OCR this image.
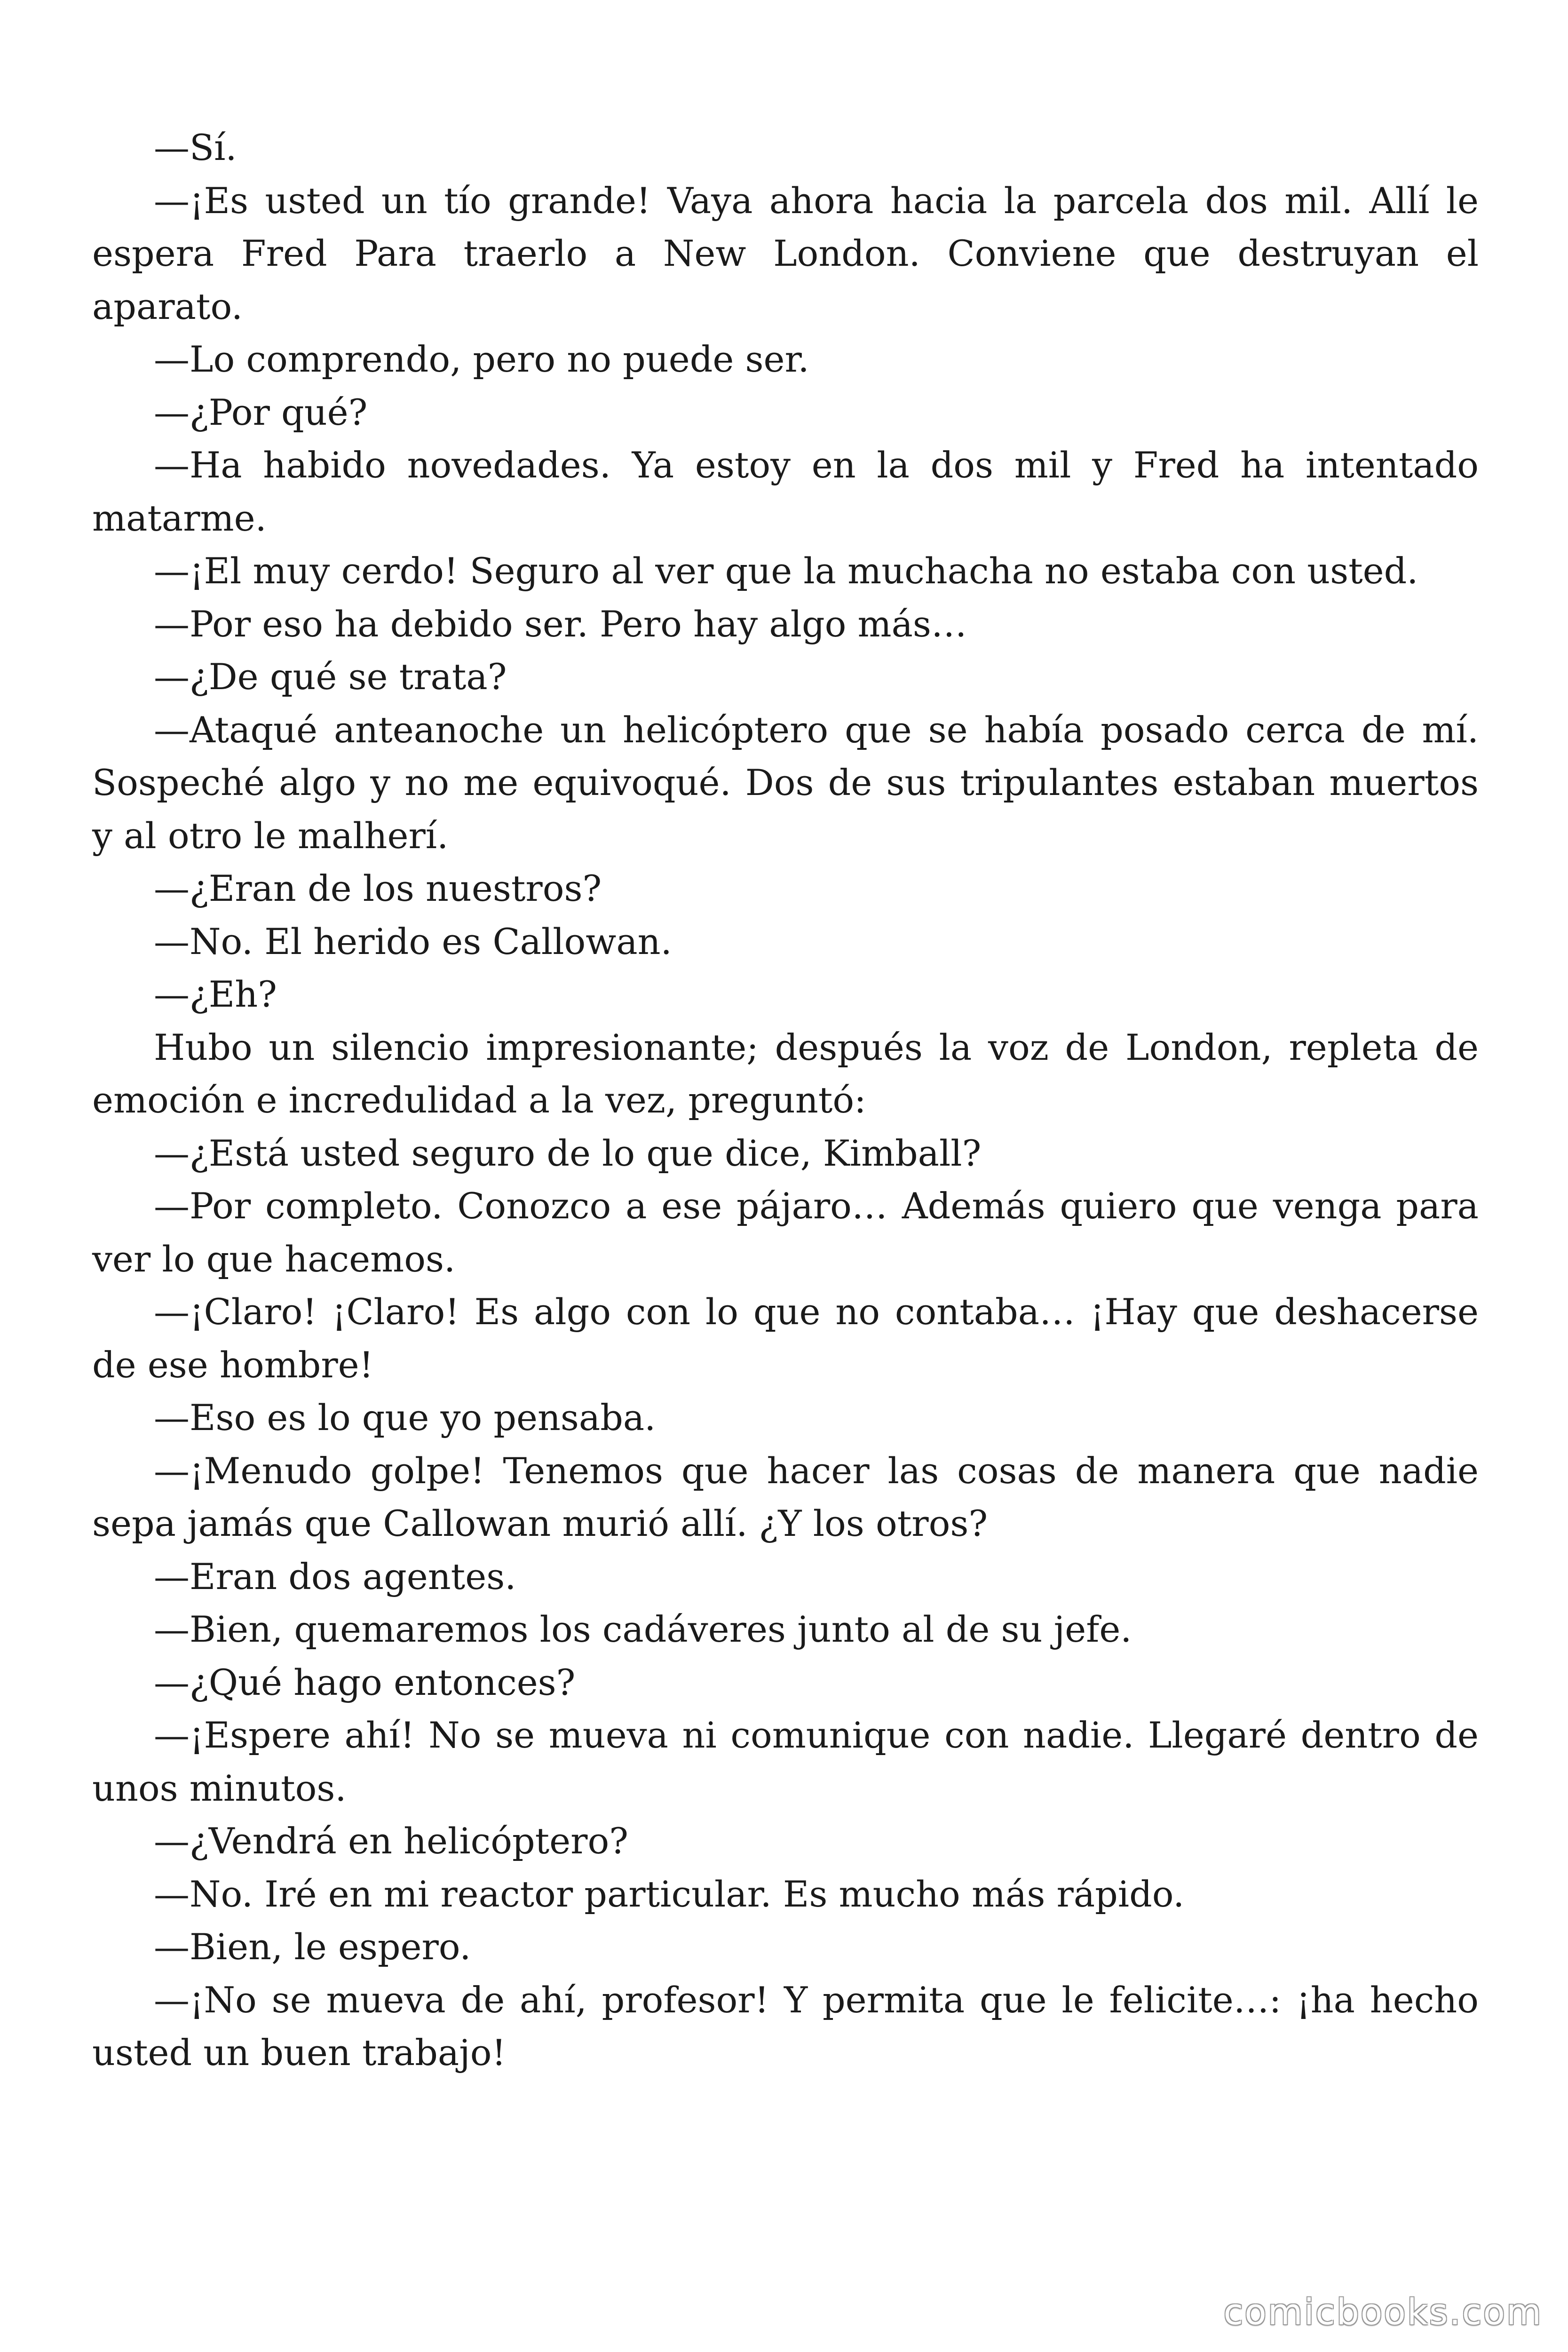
—Sí.

—¡Es usted un tío grande! Vaya ahora hacia la parcela dos mil. Allí le espera Fred Para traerlo a New London. Conviene que destruyan el aparato.

—Lo comprendo, pero no puede ser.

—¿Por qué?

—Ha habido novedades. Ya estoy en la dos mil y Fred ha intentado matarme.

—¡El muy cerdo! Seguro al ver que la muchacha no estaba con usted.

—Por eso ha debido ser. Pero hay algo más…

—¿De qué se trata?

—Ataqué anteanoche un helicóptero que se había posado cerca de mí. Sospeché algo y no me equivoqué. Dos de sus tripulantes estaban muertos y al otro le malherí.

—¿Eran de los nuestros?

—No. El herido es Callowan.

—¿Eh?

Hubo un silencio impresionante; después la voz de London, repleta de emoción e incredulidad a la vez, preguntó:

—¿Está usted seguro de lo que dice, Kimball?

—Por completo. Conozco a ese pájaro… Además quiero que venga para ver lo que hacemos.

—¡Claro! ¡Claro! Es algo con lo que no contaba… ¡Hay que deshacerse de ese hombre!

—Eso es lo que yo pensaba.

—¡Menudo golpe! Tenemos que hacer las cosas de manera que nadie sepa jamás que Callowan murió allí. ¿Y los otros?

—Eran dos agentes.

—Bien, quemaremos los cadáveres junto al de su jefe.

—¿Qué hago entonces?

—¡Espere ahí! No se mueva ni comunique con nadie. Llegaré dentro de unos minutos.

—¿Vendrá en helicóptero?

—No. Iré en mi reactor particular. Es mucho más rápido.

—Bien, le espero.

—¡No se mueva de ahí, profesor! Y permita que le felicite…: ¡ha hecho usted un buen trabajo!

comicbooks.com
